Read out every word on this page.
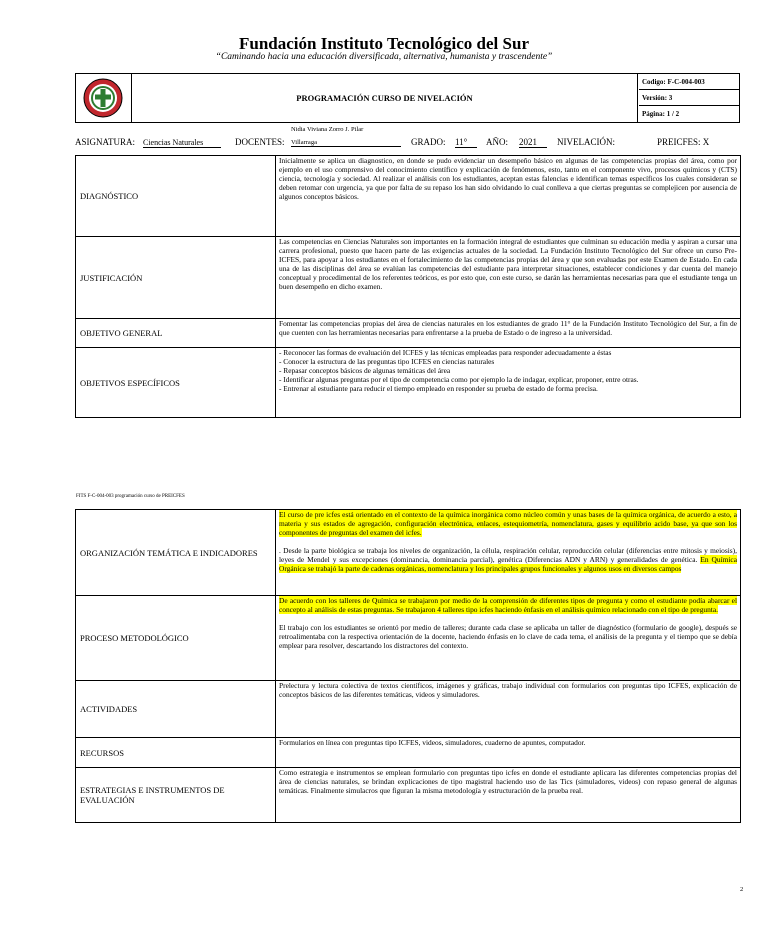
Fundación Instituto Tecnológico del Sur
“Caminando hacia una educación diversificada, alternativa, humanista y trascendente”
PROGRAMACIÓN CURSO DE NIVELACIÓN
Codigo: F-C-004-003
Versión: 3
Página: 1 / 2
ASIGNATURA: Ciencias Naturales	DOCENTES:
Nidia Viviana Zorro J. Pilar
Villarraga	GRADO: 11°	AÑO: 2021	NIVELACIÓN:	PREICFES: X
DIAGNÓSTICO	Inicialmente se aplica un diagnostico, en donde se pudo evidenciar un desempeño básico en algunas de las competencias propias del área, como por ejemplo en el uso comprensivo del conocimiento científico y explicación de fenómenos, esto, tanto en el componente vivo, procesos químicos y (CTS) ciencia, tecnología y sociedad. Al realizar el análisis con los estudiantes, aceptan estas falencias e identifican temas específicos los cuales consideran se deben retomar con urgencia, ya que por falta de su repaso los han sido olvidando lo cual conlleva a que ciertas preguntas se complejicen por ausencia de algunos conceptos básicos.
JUSTIFICACIÓN	Las competencias en Ciencias Naturales son importantes en la formación integral de estudiantes que culminan su educación media y aspiran a cursar una carrera profesional, puesto que hacen parte de las exigencias actuales de la sociedad. La Fundación Instituto Tecnológico del Sur ofrece un curso Pre-ICFES, para apoyar a los estudiantes en el fortalecimiento de las competencias propias del área y que son evaluadas por este Examen de Estado. En cada una de las disciplinas del área se evalúan las competencias del estudiante para interpretar situaciones, establecer condiciones y dar cuenta del manejo conceptual y procedimental de los referentes teóricos, es por esto que, con este curso, se darán las herramientas necesarias para que el estudiante tenga un buen desempeño en dicho examen.
OBJETIVO GENERAL	Fomentar las competencias propias del área de ciencias naturales en los estudiantes de grado 11° de la Fundación Instituto Tecnológico del Sur, a fin de que cuenten con las herramientas necesarias para enfrentarse a la prueba de Estado o de ingreso a la universidad.
OBJETIVOS ESPECÍFICOS	- Reconocer las formas de evaluación del ICFES y las técnicas empleadas para responder adecuadamente a éstas
- Conocer la estructura de las preguntas tipo ICFES en ciencias naturales
- Repasar conceptos básicos de algunas temáticas del área
- Identificar algunas preguntas por el tipo de competencia como por ejemplo la de indagar, explicar, proponer, entre otras.
- Entrenar al estudiante para reducir el tiempo empleado en responder su prueba de estado de forma precisa.
FITS F-C-004-003 programación curso de PREICFES
ORGANIZACIÓN TEMÁTICA E INDICADORES	El curso de pre icfes está orientado en el contexto de la química inorgánica como núcleo común y unas bases de la química orgánica, de acuerdo a esto, a materia y sus estados de agregación, configuración electrónica, enlaces, estequiometría, nomenclatura, gases y equilibrio acido base, ya que son los componentes de preguntas del examen del icfes.
. Desde la parte biológica se trabaja los niveles de organización, la célula, respiración celular, reproducción celular (diferencias entre mitosis y meiosis), leyes de Mendel y sus excepciones (dominancia, dominancia parcial), genética (Diferencias ADN y ARN) y generalidades de genética. En Química Orgánica se trabajó la parte de cadenas orgánicas, nomenclatura y los principales grupos funcionales y algunos usos en diversos campos
PROCESO METODOLÓGICO	De acuerdo con los talleres de Química se trabajaron por medio de la comprensión de diferentes tipos de pregunta y como el estudiante podía abarcar el concepto al análisis de estas preguntas. Se trabajaron 4 talleres tipo icfes haciendo énfasis en el análisis químico relacionado con el tipo de pregunta.
El trabajo con los estudiantes se orientó por medio de talleres; durante cada clase se aplicaba un taller de diagnóstico (formulario de google), después se retroalimentaba con la respectiva orientación de la docente, haciendo énfasis en lo clave de cada tema, el análisis de la pregunta y el tiempo que se debía emplear para resolver, descartando los distractores del contexto.

ACTIVIDADES	Prelectura y lectura colectiva de textos científicos, imágenes y gráficas, trabajo individual con formularios con preguntas tipo ICFES, explicación de conceptos básicos de las diferentes temáticas, videos y simuladores.
RECURSOS	Formularios en línea con preguntas tipo ICFES, videos, simuladores, cuaderno de apuntes, computador.
ESTRATEGIAS E INSTRUMENTOS DE EVALUACIÓN	Como estrategia e instrumentos se emplean formulario con preguntas tipo icfes en donde el estudiante aplicara las diferentes competencias propias del área de ciencias naturales, se brindan explicaciones de tipo magistral haciendo uso de las Tics (simuladores, videos) con repaso general de algunas temáticas. Finalmente simulacros que figuran la misma metodología y estructuración de la prueba real.
2
